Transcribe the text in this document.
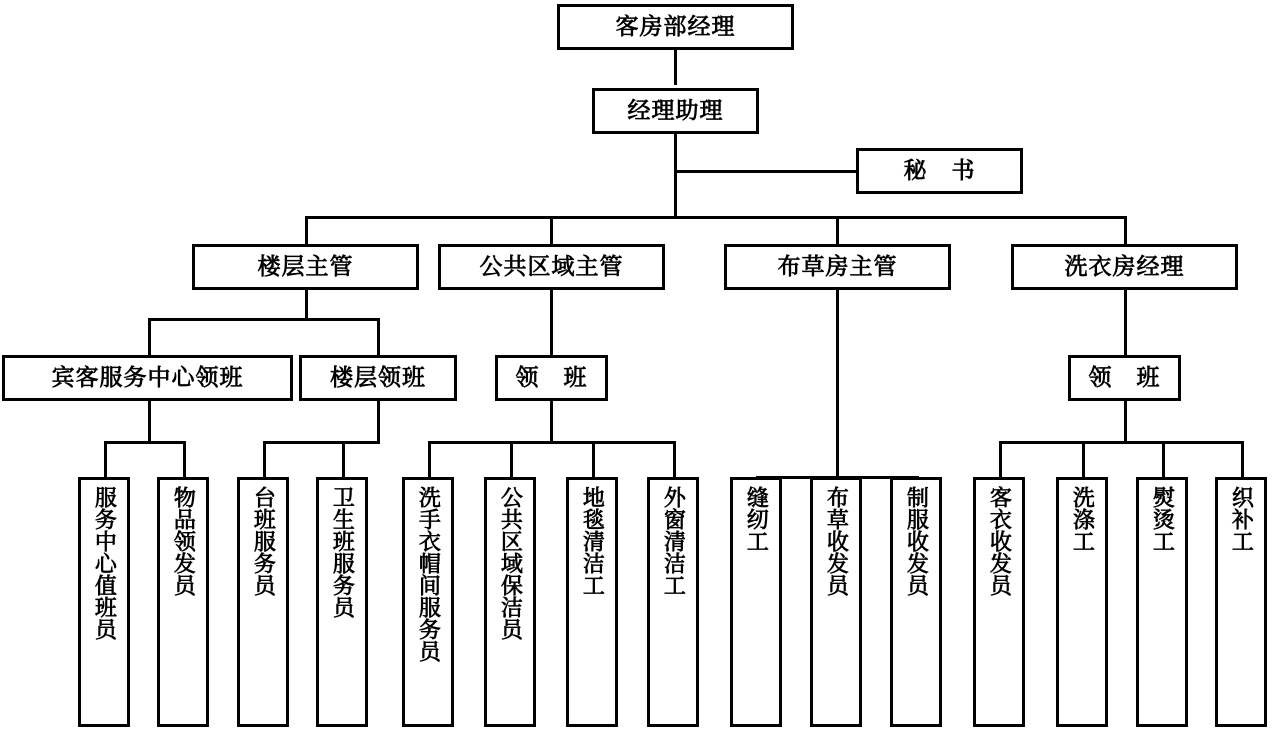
客房部经理
经理助理
秘　书
楼层主管	公共区域主管	布草房主管	洗衣房经理
宾客服务中心领班	楼层领班	领　班	领　班
服务中心值班员	物品领发员	台班服务员	卫生班服务员	洗手衣帽间服务员	公共区域保洁员	地毯清洁工	外窗清洁工	缝纫工	布草收发员	制服收发员	客衣收发员	洗涤工	熨烫工	织补工
